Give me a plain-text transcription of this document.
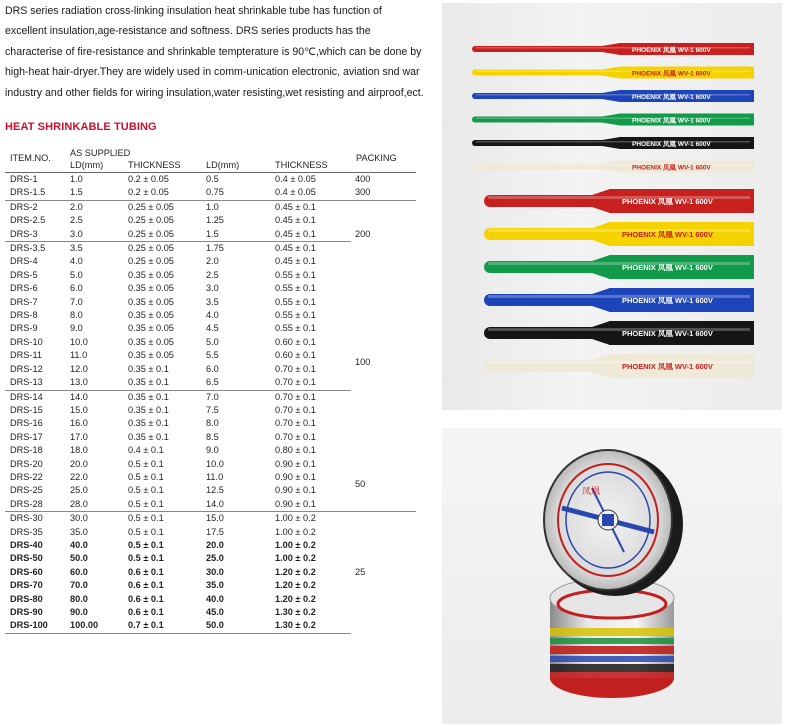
DRS series radiation cross-linking insulation heat shrinkable tube has function of excellent insulation,age-resistance and softness. DRS series products has the characterise of fire-resistance and shrinkable tempterature is 90℃,which can be done by high-heat hair-dryer.They are widely used in comm-unication electronic, aviation snd war industry and other fields for wiring insulation,water resisting,wet resisting and airproof,ect.
HEAT SHRINKABLE TUBING
ITEM.NO.	AS SUPPLIED				PACKING
	LD(mm)	THICKNESS	LD(mm)	THICKNESS	
DRS-1	1.0	0.2 ± 0.05	0.5	0.4 ± 0.05	400
DRS-1.5	1.5	0.2 ± 0.05	0.75	0.4 ± 0.05	300
DRS-2	2.0	0.25 ± 0.05	1.0	0.45 ± 0.1	200
DRS-2.5	2.5	0.25 ± 0.05	1.25	0.45 ± 0.1	
DRS-3	3.0	0.25 ± 0.05	1.5	0.45 ± 0.1	
DRS-3.5	3.5	0.25 ± 0.05	1.75	0.45 ± 0.1	
DRS-4	4.0	0.25 ± 0.05	2.0	0.45 ± 0.1	
DRS-5	5.0	0.35 ± 0.05	2.5	0.55 ± 0.1	100
DRS-6	6.0	0.35 ± 0.05	3.0	0.55 ± 0.1	
DRS-7	7.0	0.35 ± 0.05	3.5	0.55 ± 0.1	
DRS-8	8.0	0.35 ± 0.05	4.0	0.55 ± 0.1	
DRS-9	9.0	0.35 ± 0.05	4.5	0.55 ± 0.1	
DRS-10	10.0	0.35 ± 0.05	5.0	0.60 ± 0.1	
DRS-11	11.0	0.35 ± 0.05	5.5	0.60 ± 0.1	
DRS-12	12.0	0.35 ± 0.1	6.0	0.70 ± 0.1	
DRS-13	13.0	0.35 ± 0.1	6.5	0.70 ± 0.1	
DRS-14	14.0	0.35 ± 0.1	7.0	0.70 ± 0.1	
DRS-15	15.0	0.35 ± 0.1	7.5	0.70 ± 0.1	
DRS-16	16.0	0.35 ± 0.1	8.0	0.70 ± 0.1	
DRS-17	17.0	0.35 ± 0.1	8.5	0.70 ± 0.1	
DRS-18	18.0	0.4 ± 0.1	9.0	0.80 ± 0.1	
DRS-20	20.0	0.5 ± 0.1	10.0	0.90 ± 0.1	50
DRS-22	22.0	0.5 ± 0.1	11.0	0.90 ± 0.1	
DRS-25	25.0	0.5 ± 0.1	12.5	0.90 ± 0.1	
DRS-28	28.0	0.5 ± 0.1	14.0	0.90 ± 0.1	
DRS-30	30.0	0.5 ± 0.1	15.0	1.00 ± 0.2	25
DRS-35	35.0	0.5 ± 0.1	17.5	1.00 ± 0.2	
DRS-40	40.0	0.5 ± 0.1	20.0	1.00 ± 0.2	
DRS-50	50.0	0.5 ± 0.1	25.0	1.00 ± 0.2	
DRS-60	60.0	0.6 ± 0.1	30.0	1.20 ± 0.2	
DRS-70	70.0	0.6 ± 0.1	35.0	1.20 ± 0.2	
DRS-80	80.0	0.6 ± 0.1	40.0	1.20 ± 0.2	
DRS-90	90.0	0.6 ± 0.1	45.0	1.30 ± 0.2	
DRS-100	100.00	0.7 ± 0.1	50.0	1.30 ± 0.2	
PHOENIX 凤凰 WV-1 600V
PHOENIX 凤凰 WV-1 600V
PHOENIX 凤凰 WV-1 600V
PHOENIX 凤凰 WV-1 600V
PHOENIX 凤凰 WV-1 600V
PHOENIX 凤凰 WV-1 600V
PHOENIX 凤凰 WV-1 600V
PHOENIX 凤凰 WV-1 600V
PHOENIX 凤凰 WV-1 600V
PHOENIX 凤凰 WV-1 600V
PHOENIX 凤凰 WV-1 600V
PHOENIX 凤凰 WV-1 600V
凤凰
